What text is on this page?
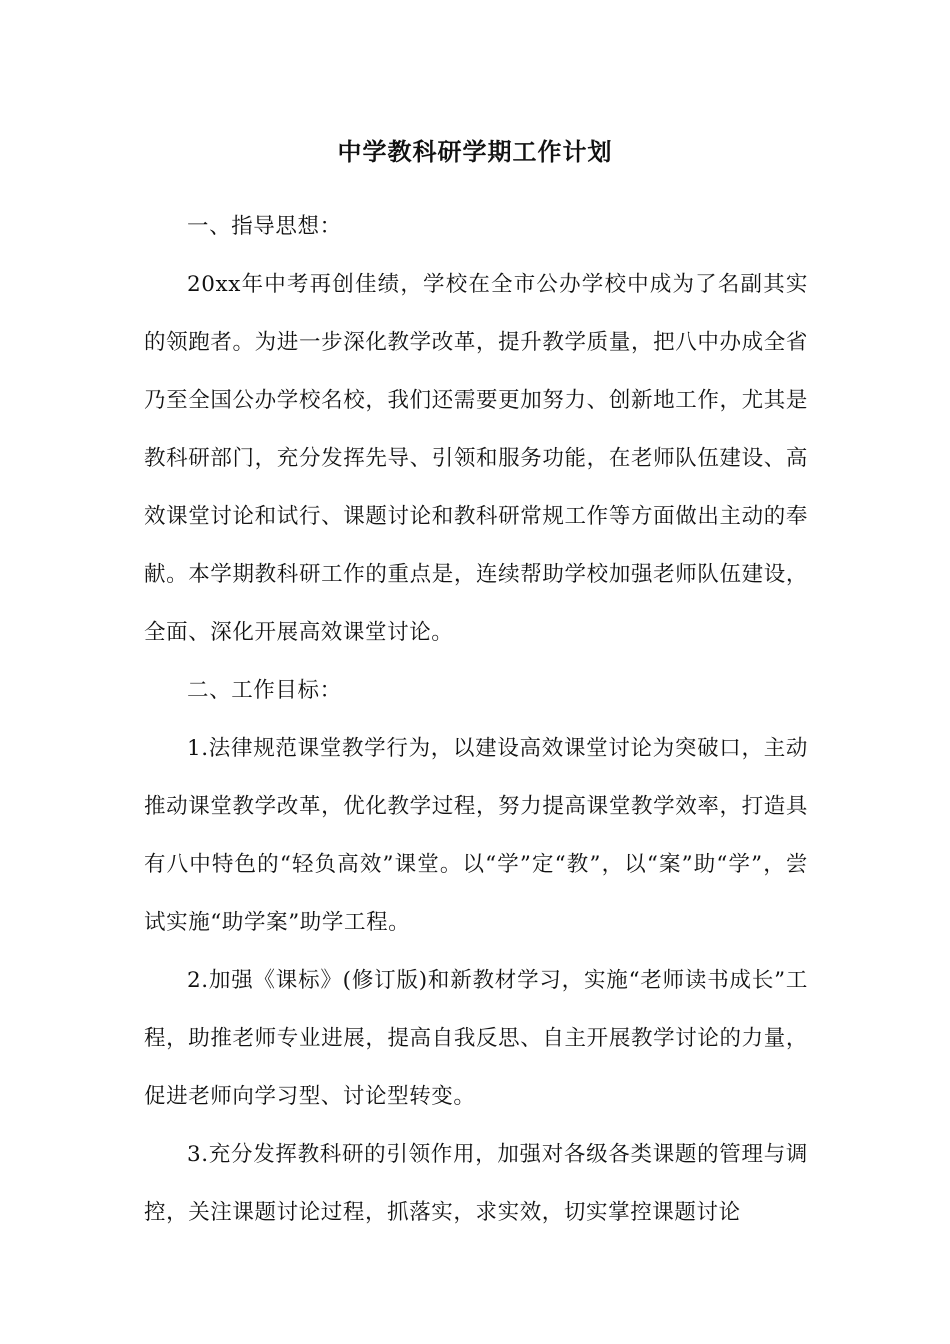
中学教科研学期工作计划

一、指导思想：

20xx年中考再创佳绩，学校在全市公办学校中成为了名副其实的领跑者。为进一步深化教学改革，提升教学质量，把八中办成全省乃至全国公办学校名校，我们还需要更加努力、创新地工作，尤其是教科研部门，充分发挥先导、引领和服务功能，在老师队伍建设、高效课堂讨论和试行、课题讨论和教科研常规工作等方面做出主动的奉献。本学期教科研工作的重点是，连续帮助学校加强老师队伍建设，全面、深化开展高效课堂讨论。

二、工作目标：

1.法律规范课堂教学行为，以建设高效课堂讨论为突破口，主动推动课堂教学改革，优化教学过程，努力提高课堂教学效率，打造具有八中特色的“轻负高效”课堂。以“学”定“教”，以“案”助“学”，尝试实施“助学案”助学工程。

2.加强《课标》(修订版)和新教材学习，实施“老师读书成长”工程，助推老师专业进展，提高自我反思、自主开展教学讨论的力量，促进老师向学习型、讨论型转变。

3.充分发挥教科研的引领作用，加强对各级各类课题的管理与调控，关注课题讨论过程，抓落实，求实效，切实掌控课题讨论
